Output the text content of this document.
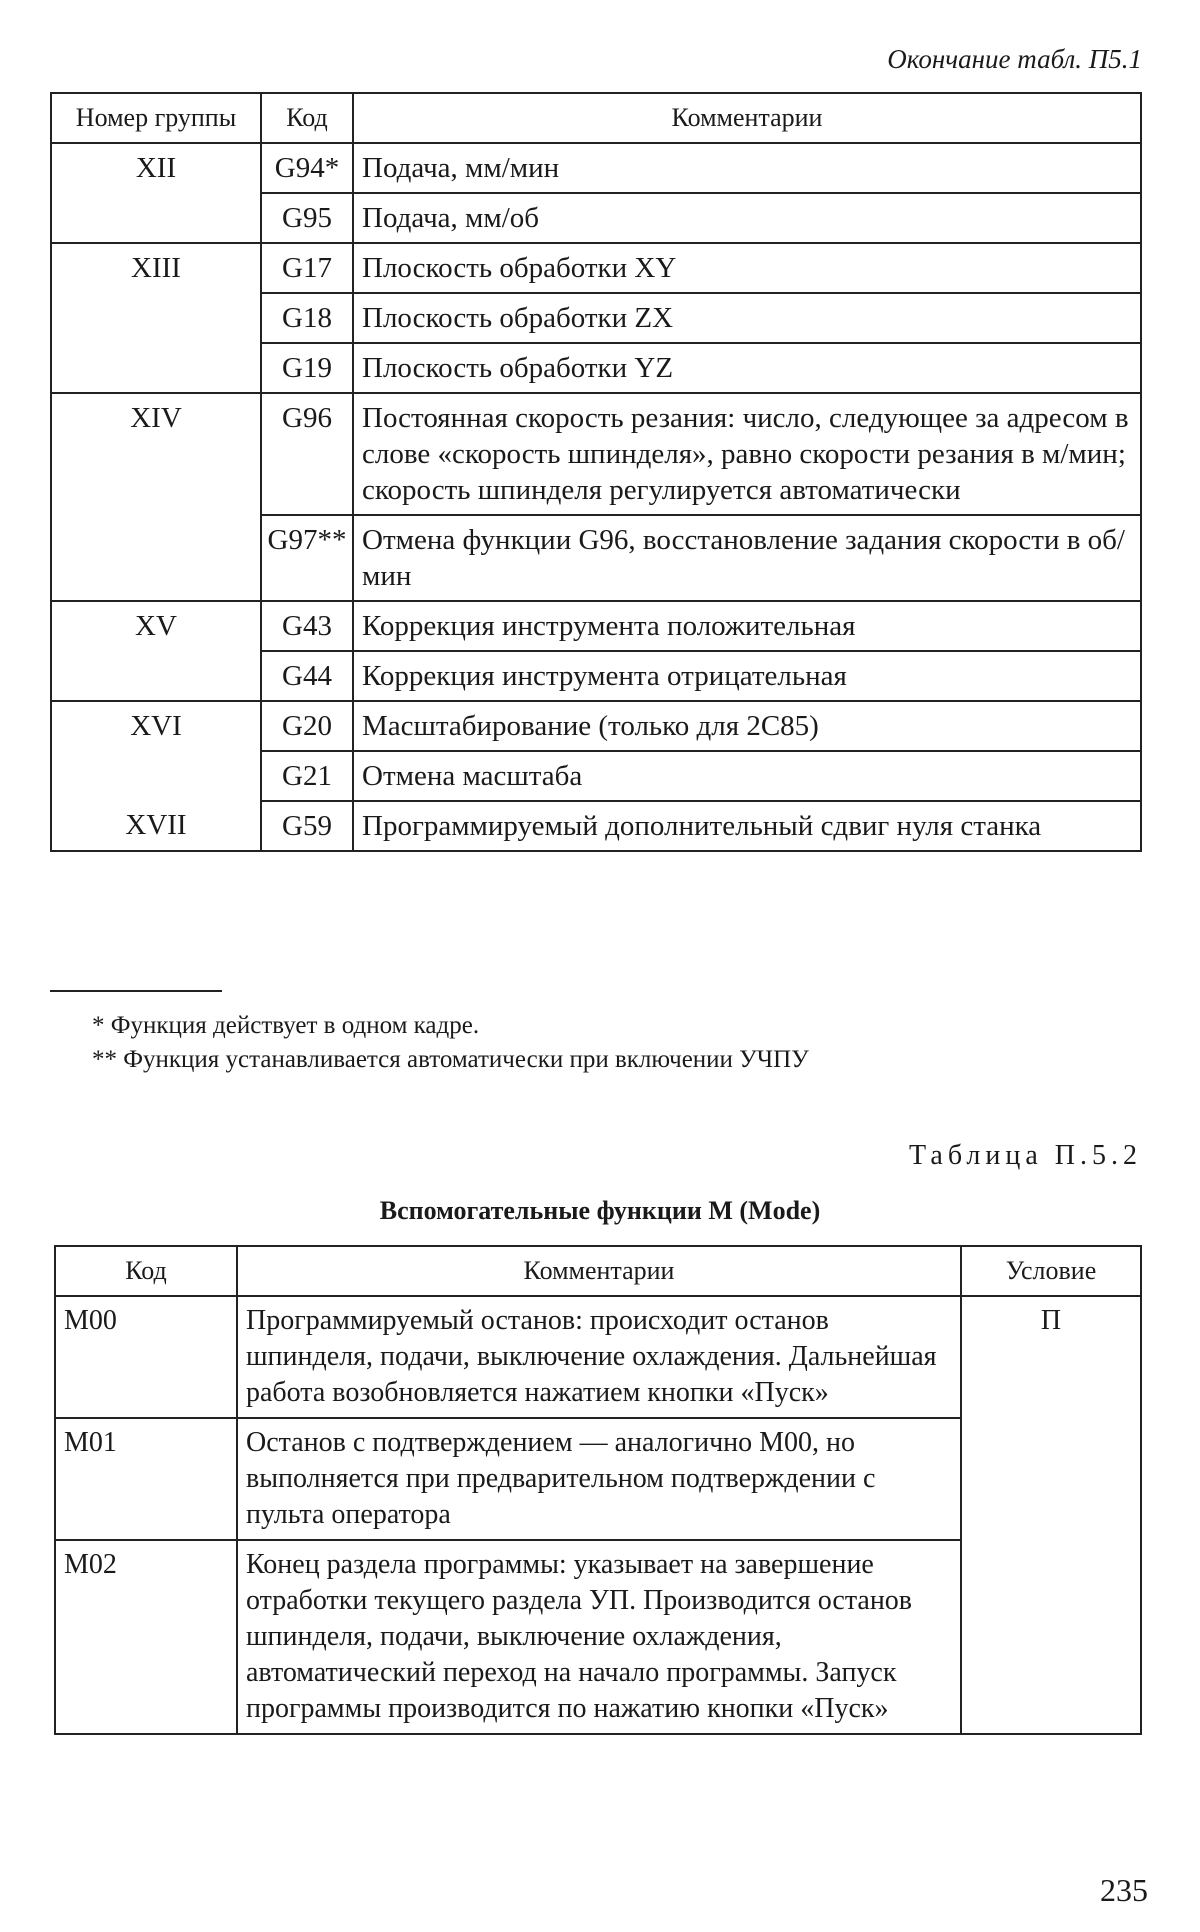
Окончание табл. П5.1
Номер группы	Код	Комментарии
XII	G94*	Подача, мм/мин
	G95	Подача, мм/об
XIII	G17	Плоскость обработки XY
	G18	Плоскость обработки ZX
	G19	Плоскость обработки YZ
XIV	G96	Постоянная скорость резания: число, следующее за адресом в слове «скорость шпинделя», равно скорости резания в м/мин; скорость шпинделя регулируется автоматически
	G97**	Отмена функции G96, восстановление задания скорости в об/мин
XV	G43	Коррекция инструмента положительная
	G44	Коррекция инструмента отрицательная
XVI	G20	Масштабирование (только для 2С85)
	G21	Отмена масштаба
XVII	G59	Программируемый дополнительный сдвиг нуля станка
* Функция действует в одном кадре.
** Функция устанавливается автоматически при включении УЧПУ
Таблица П.5.2
Вспомогательные функции M (Mode)
Код	Комментарии	Условие
M00	Программируемый останов: происходит останов шпинделя, подачи, выключение охлаждения. Дальнейшая работа возобновляется нажатием кнопки «Пуск»	П
M01	Останов с подтверждением — аналогично M00, но выполняется при предварительном подтверждении с пульта оператора	
M02	Конец раздела программы: указывает на завершение отработки текущего раздела УП. Производится останов шпинделя, подачи, выключение охлаждения, автоматический переход на начало программы. Запуск программы производится по нажатию кнопки «Пуск»	
235
